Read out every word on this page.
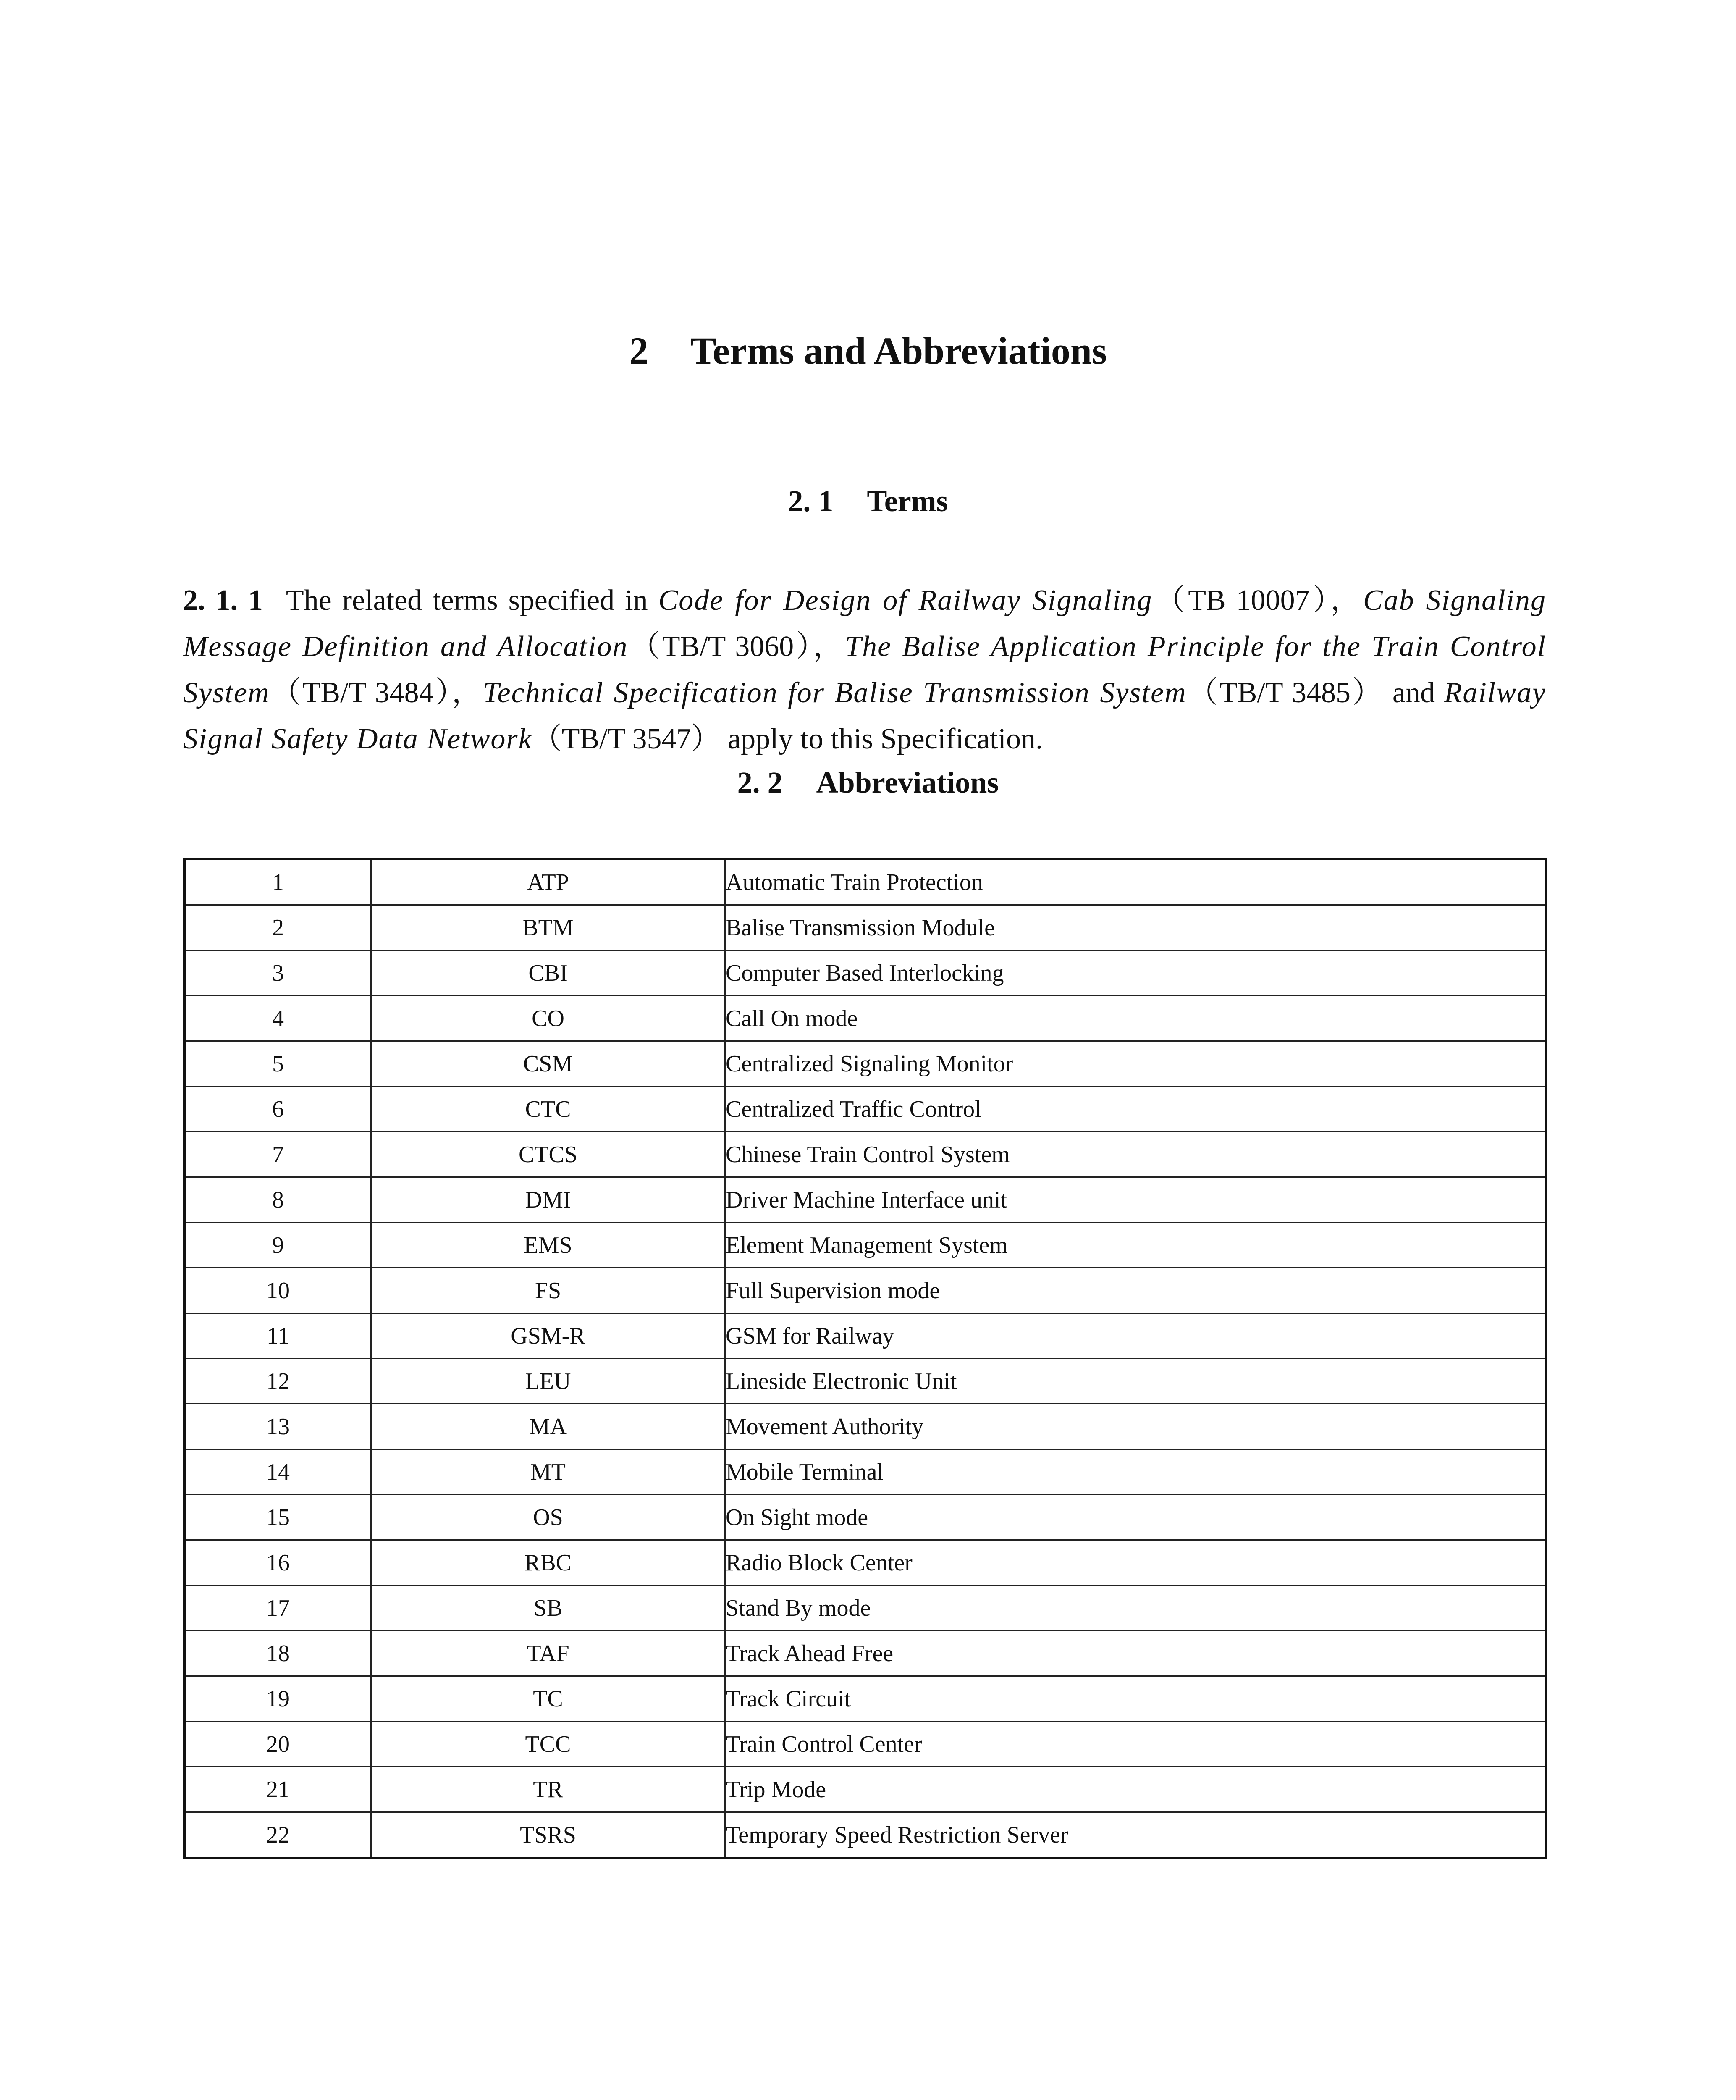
2 Terms and Abbreviations
2. 1 Terms

2. 1. 1 The related terms specified in Code for Design of Railway Signaling（TB 10007），Cab Signaling Message Definition and Allocation（TB/T 3060），The Balise Application Principle for the Train Control System（TB/T 3484），Technical Specification for Balise Transmission System（TB/T 3485） and Railway Signal Safety Data Network（TB/T 3547） apply to this Specification.

2. 2 Abbreviations
1	ATP	Automatic Train Protection
2	BTM	Balise Transmission Module
3	CBI	Computer Based Interlocking
4	CO	Call On mode
5	CSM	Centralized Signaling Monitor
6	CTC	Centralized Traffic Control
7	CTCS	Chinese Train Control System
8	DMI	Driver Machine Interface unit
9	EMS	Element Management System
10	FS	Full Supervision mode
11	GSM-R	GSM for Railway
12	LEU	Lineside Electronic Unit
13	MA	Movement Authority
14	MT	Mobile Terminal
15	OS	On Sight mode
16	RBC	Radio Block Center
17	SB	Stand By mode
18	TAF	Track Ahead Free
19	TC	Track Circuit
20	TCC	Train Control Center
21	TR	Trip Mode
22	TSRS	Temporary Speed Restriction Server
